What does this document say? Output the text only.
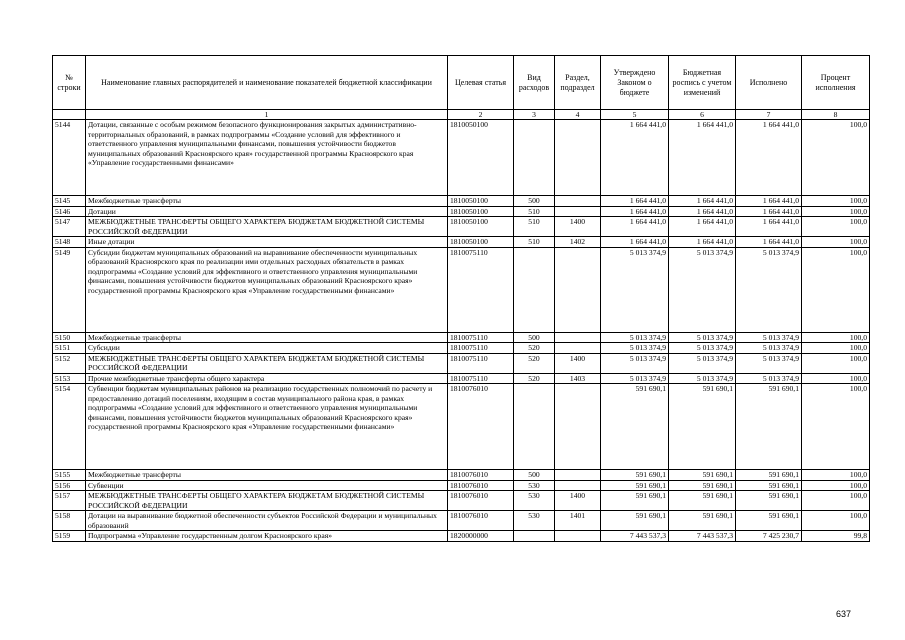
№ строки	Наименование главных распорядителей и наименование показателей бюджетной классификации	Целевая статья	Вид расходов	Раздел, подраздел	Утверждено Законом о бюджете	Бюджетная роспись с учетом изменений	Исполнено	Процент исполнения
	1	2	3	4	5	6	7	8
5144	Дотации, связанные с особым режимом безопасного функционирования закрытых административно-территориальных образований, в рамках подпрограммы «Создание условий для эффективного и ответственного управления муниципальными финансами, повышения устойчивости бюджетов муниципальных образований Красноярского края» государственной программы Красноярского края «Управление государственными финансами»	1810050100			1 664 441,0	1 664 441,0	1 664 441,0	100,0
5145	Межбюджетные трансферты	1810050100	500		1 664 441,0	1 664 441,0	1 664 441,0	100,0
5146	Дотации	1810050100	510		1 664 441,0	1 664 441,0	1 664 441,0	100,0
5147	МЕЖБЮДЖЕТНЫЕ ТРАНСФЕРТЫ ОБЩЕГО ХАРАКТЕРА БЮДЖЕТАМ БЮДЖЕТНОЙ СИСТЕМЫ РОССИЙСКОЙ ФЕДЕРАЦИИ	1810050100	510	1400	1 664 441,0	1 664 441,0	1 664 441,0	100,0
5148	Иные дотации	1810050100	510	1402	1 664 441,0	1 664 441,0	1 664 441,0	100,0
5149	Субсидии бюджетам муниципальных образований на выравнивание обеспеченности муниципальных образований Красноярского края по реализации ими отдельных расходных обязательств в рамках подпрограммы «Создание условий для эффективного и ответственного управления муниципальными финансами, повышения устойчивости бюджетов муниципальных образований Красноярского края» государственной программы Красноярского края «Управление государственными финансами»	1810075110			5 013 374,9	5 013 374,9	5 013 374,9	100,0
5150	Межбюджетные трансферты	1810075110	500		5 013 374,9	5 013 374,9	5 013 374,9	100,0
5151	Субсидии	1810075110	520		5 013 374,9	5 013 374,9	5 013 374,9	100,0
5152	МЕЖБЮДЖЕТНЫЕ ТРАНСФЕРТЫ ОБЩЕГО ХАРАКТЕРА БЮДЖЕТАМ БЮДЖЕТНОЙ СИСТЕМЫ РОССИЙСКОЙ ФЕДЕРАЦИИ	1810075110	520	1400	5 013 374,9	5 013 374,9	5 013 374,9	100,0
5153	Прочие межбюджетные трансферты общего характера	1810075110	520	1403	5 013 374,9	5 013 374,9	5 013 374,9	100,0
5154	Субвенции бюджетам муниципальных районов на реализацию государственных полномочий по расчету и предоставлению дотаций поселениям, входящим в состав муниципального района края, в рамках подпрограммы «Создание условий для эффективного и ответственного управления муниципальными финансами, повышения устойчивости бюджетов муниципальных образований Красноярского края» государственной программы Красноярского края «Управление государственными финансами»	1810076010			591 690,1	591 690,1	591 690,1	100,0
5155	Межбюджетные трансферты	1810076010	500		591 690,1	591 690,1	591 690,1	100,0
5156	Субвенции	1810076010	530		591 690,1	591 690,1	591 690,1	100,0
5157	МЕЖБЮДЖЕТНЫЕ ТРАНСФЕРТЫ ОБЩЕГО ХАРАКТЕРА БЮДЖЕТАМ БЮДЖЕТНОЙ СИСТЕМЫ РОССИЙСКОЙ ФЕДЕРАЦИИ	1810076010	530	1400	591 690,1	591 690,1	591 690,1	100,0
5158	Дотации на выравнивание бюджетной обеспеченности субъектов Российской Федерации и муниципальных образований	1810076010	530	1401	591 690,1	591 690,1	591 690,1	100,0
5159	Подпрограмма «Управление государственным долгом Красноярского края»	1820000000			7 443 537,3	7 443 537,3	7 425 230,7	99,8
637
